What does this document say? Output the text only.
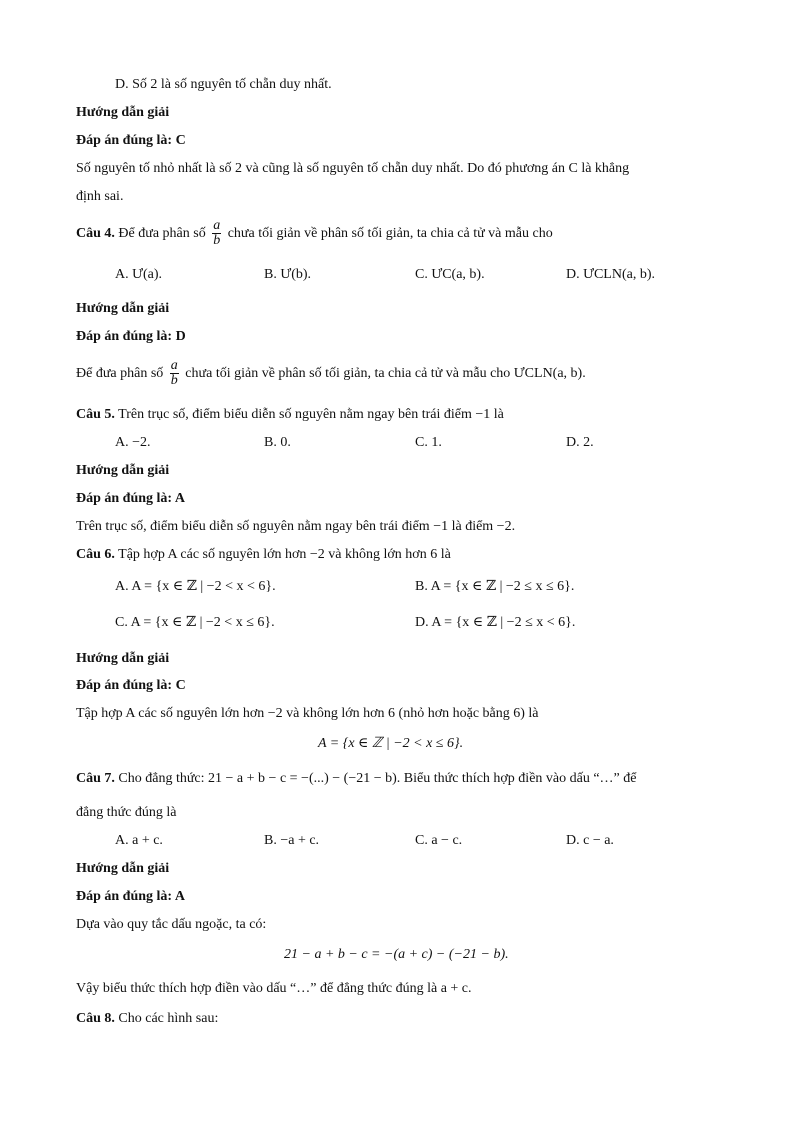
D. Số 2 là số nguyên tố chẵn duy nhất.
Hướng dẫn giải
Đáp án đúng là: C
Số nguyên tố nhỏ nhất là số 2 và cũng là số nguyên tố chẵn duy nhất. Do đó phương án C là khẳng
định sai.
Câu 4. Để đưa phân số $\frac{a}{b}$ chưa tối giản về phân số tối giản, ta chia cả tử và mẫu cho
A. Ư(a).	B. Ư(b).	C. ƯC(a, b).	D. ƯCLN(a, b).
Hướng dẫn giải
Đáp án đúng là: D
Để đưa phân số $\frac{a}{b}$ chưa tối giản về phân số tối giản, ta chia cả tử và mẫu cho ƯCLN(a, b).
Câu 5. Trên trục số, điểm biểu diễn số nguyên nằm ngay bên trái điểm −1 là
A. −2.	B. 0.	C. 1.	D. 2.
Hướng dẫn giải
Đáp án đúng là: A
Trên trục số, điểm biểu diễn số nguyên nằm ngay bên trái điểm −1 là điểm −2.
Câu 6. Tập hợp A các số nguyên lớn hơn −2 và không lớn hơn 6 là
A. A = {x ∈ ℤ | −2 < x < 6}.	B. A = {x ∈ ℤ | −2 ≤ x ≤ 6}.
C. A = {x ∈ ℤ | −2 < x ≤ 6}.	D. A = {x ∈ ℤ | −2 ≤ x < 6}.
Hướng dẫn giải
Đáp án đúng là: C
Tập hợp A các số nguyên lớn hơn −2 và không lớn hơn 6 (nhỏ hơn hoặc bằng 6) là
A = {x ∈ ℤ | −2 < x ≤ 6}.
Câu 7. Cho đẳng thức: 21 − a + b − c = −(...) − (−21 − b). Biểu thức thích hợp điền vào dấu “…” để
đẳng thức đúng là
A. a + c.	B. −a + c.	C. a − c.	D. c − a.
Hướng dẫn giải
Đáp án đúng là: A
Dựa vào quy tắc dấu ngoặc, ta có:
21 − a + b − c = −(a + c) − (−21 − b).
Vậy biểu thức thích hợp điền vào dấu “…” để đẳng thức đúng là a + c.
Câu 8. Cho các hình sau:
